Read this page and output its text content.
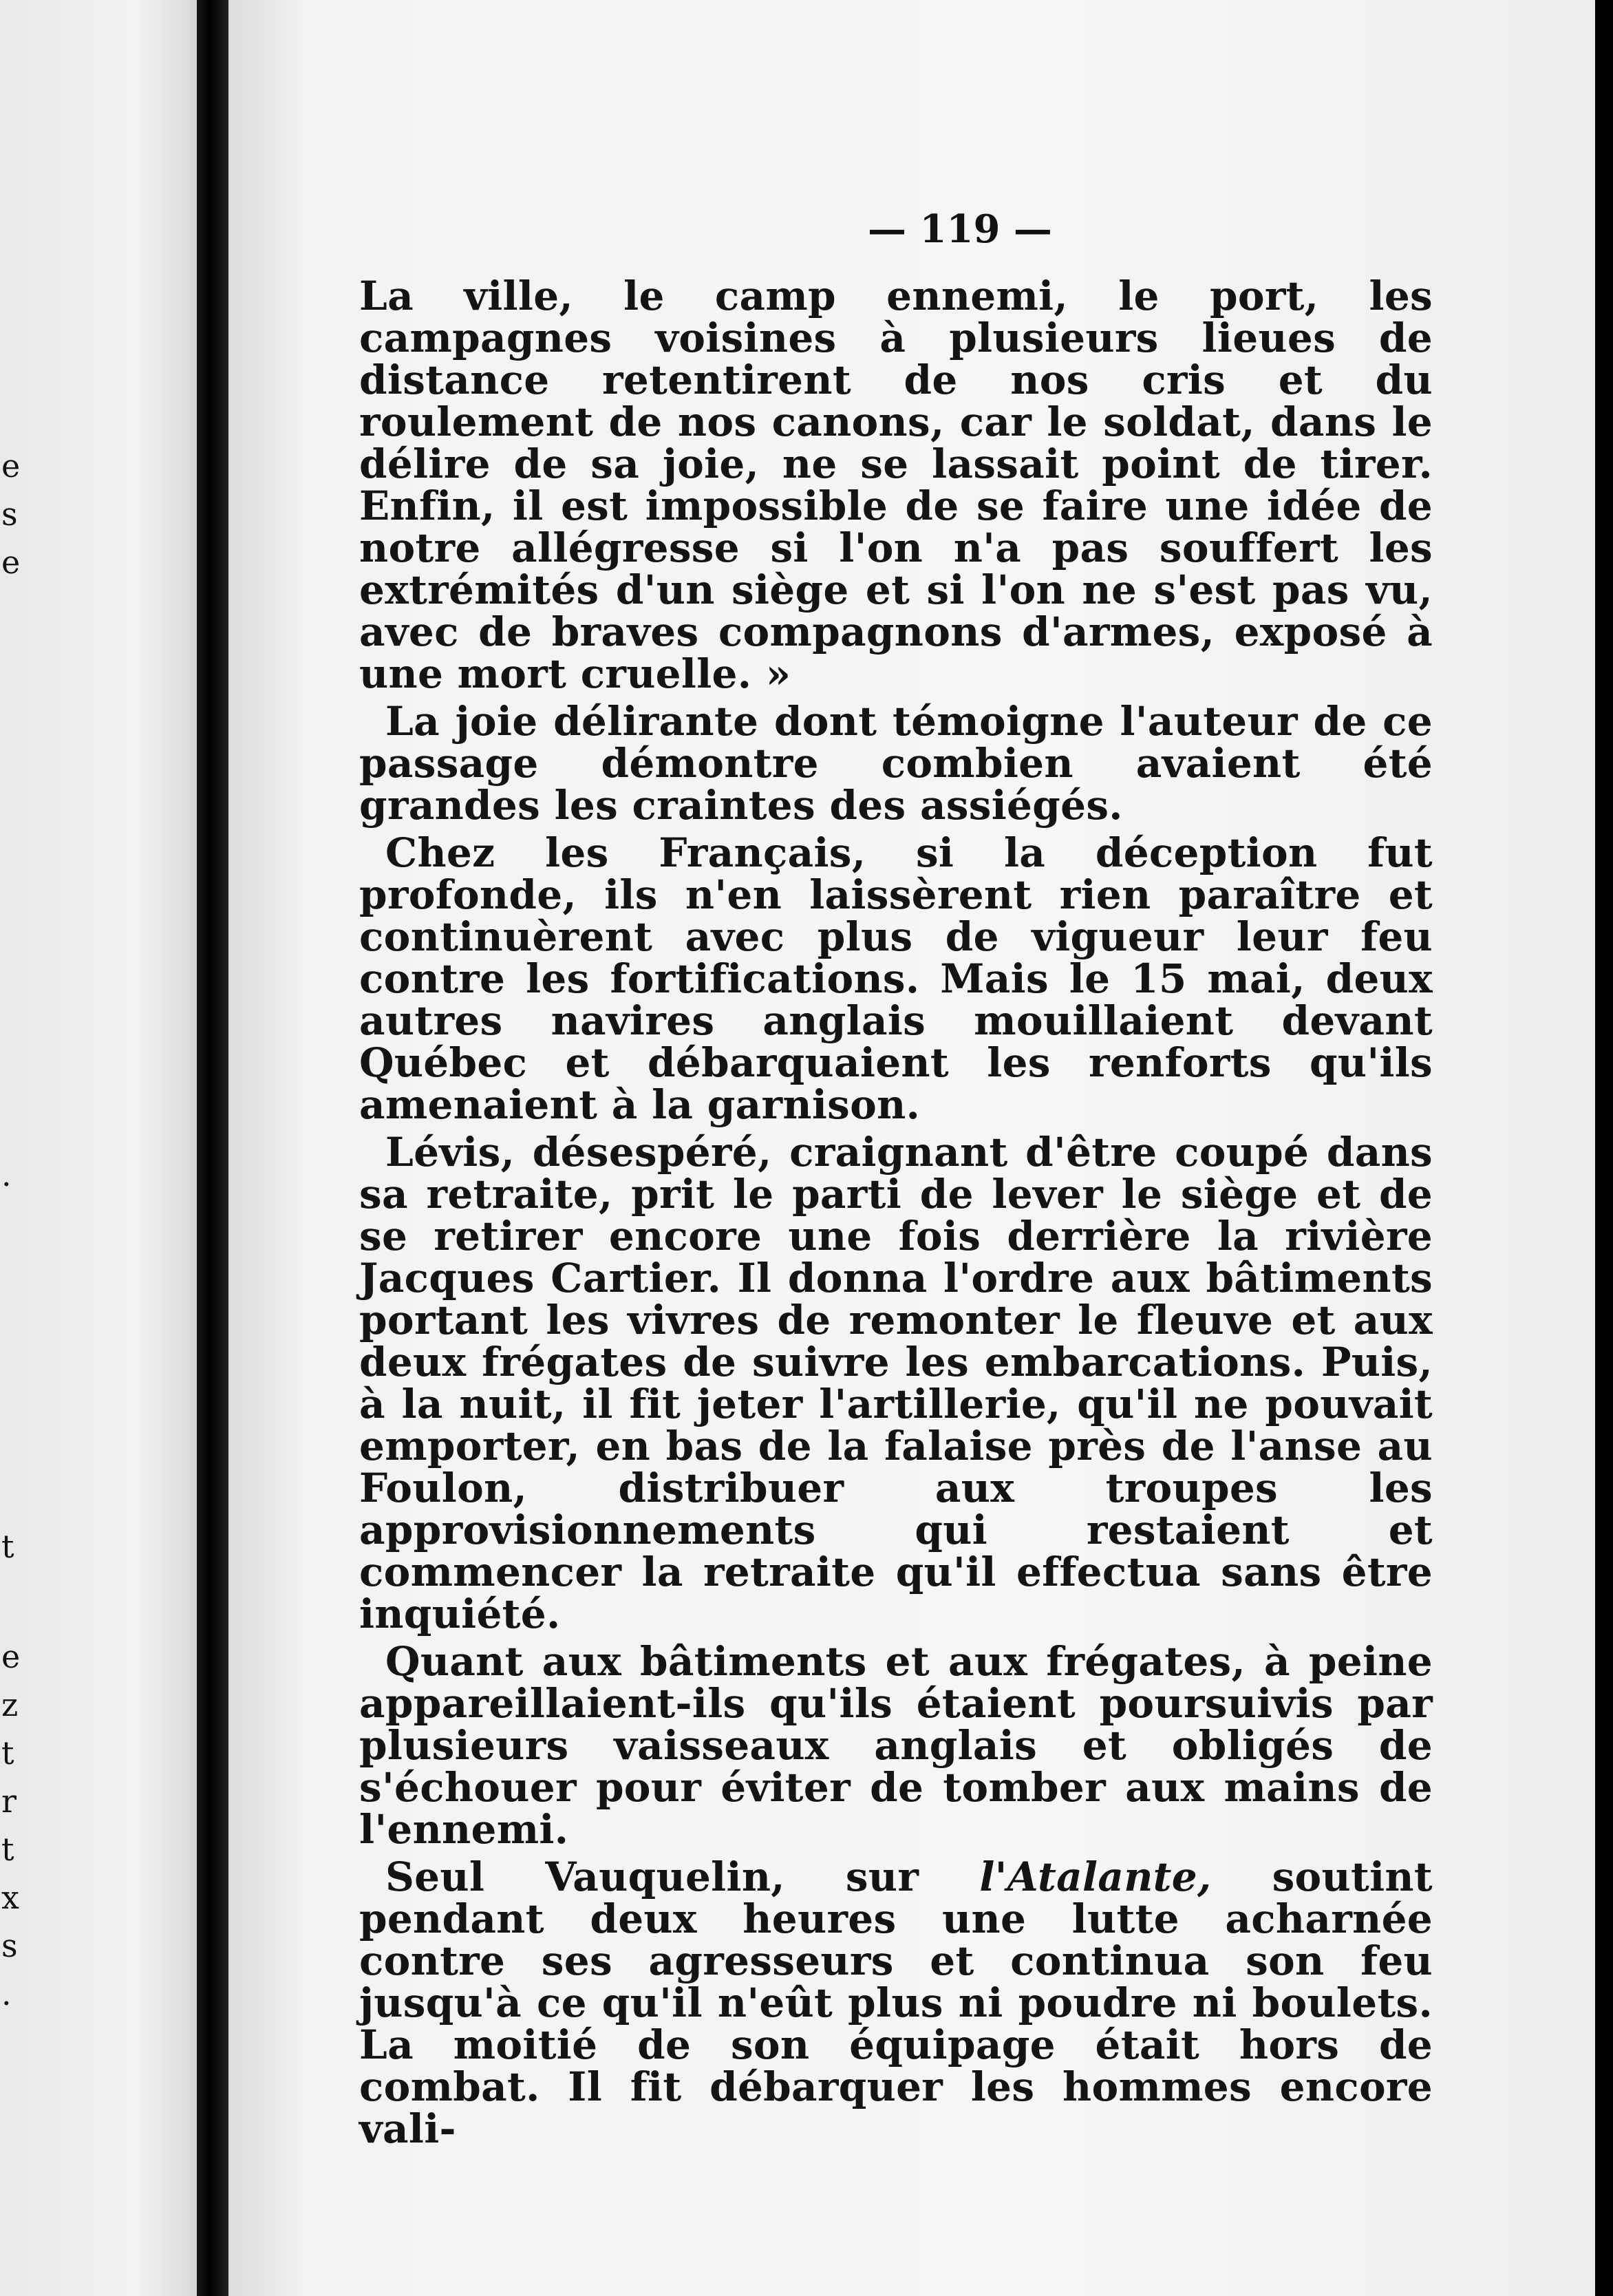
e
s
e
.
t
e
z
t
r
t
x
s
.
— 119 —

La ville, le camp ennemi, le port, les campagnes voisines à plusieurs lieues de distance retentirent de nos cris et du roulement de nos canons, car le soldat, dans le délire de sa joie, ne se lassait point de tirer. Enfin, il est impossible de se faire une idée de notre allégresse si l'on n'a pas souffert les extrémités d'un siège et si l'on ne s'est pas vu, avec de braves compagnons d'armes, exposé à une mort cruelle. »

La joie délirante dont témoigne l'auteur de ce passage démontre combien avaient été grandes les craintes des assiégés.

Chez les Français, si la déception fut profonde, ils n'en laissèrent rien paraître et continuèrent avec plus de vigueur leur feu contre les fortifications. Mais le 15 mai, deux autres navires anglais mouillaient devant Québec et débarquaient les renforts qu'ils amenaient à la garnison.

Lévis, désespéré, craignant d'être coupé dans sa retraite, prit le parti de lever le siège et de se retirer encore une fois derrière la rivière Jacques Cartier. Il donna l'ordre aux bâtiments portant les vivres de remonter le fleuve et aux deux frégates de suivre les embarcations. Puis, à la nuit, il fit jeter l'artillerie, qu'il ne pouvait emporter, en bas de la falaise près de l'anse au Foulon, distribuer aux troupes les approvisionnements qui restaient et commencer la retraite qu'il effectua sans être inquiété.

Quant aux bâtiments et aux frégates, à peine appareillaient-ils qu'ils étaient poursuivis par plusieurs vaisseaux anglais et obligés de s'échouer pour éviter de tomber aux mains de l'ennemi.

Seul Vauquelin, sur l'Atalante, soutint pendant deux heures une lutte acharnée contre ses agresseurs et continua son feu jusqu'à ce qu'il n'eût plus ni poudre ni boulets. La moitié de son équipage était hors de combat. Il fit débarquer les hommes encore vali-
